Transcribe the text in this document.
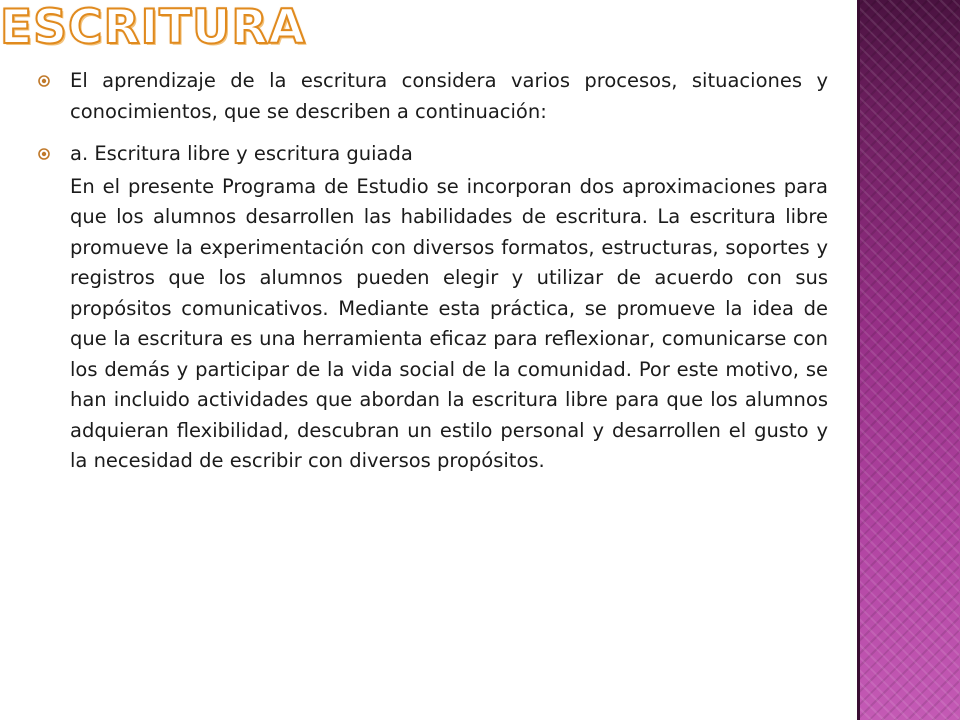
ESCRITURA
El aprendizaje de la escritura considera varios procesos, situaciones y conocimientos, que se describen a continuación:
a. Escritura libre y escritura guiada

En el presente Programa de Estudio se incorporan dos aproximaciones para que los alumnos desarrollen las habilidades de escritura. La escritura libre promueve la experimentación con diversos formatos, estructuras, soportes y registros que los alumnos pueden elegir y utilizar de acuerdo con sus propósitos comunicativos. Mediante esta práctica, se promueve la idea de que la escritura es una herramienta eficaz para reflexionar, comunicarse con los demás y participar de la vida social de la comunidad. Por este motivo, se han incluido actividades que abordan la escritura libre para que los alumnos adquieran flexibilidad, descubran un estilo personal y desarrollen el gusto y la necesidad de escribir con diversos propósitos.
